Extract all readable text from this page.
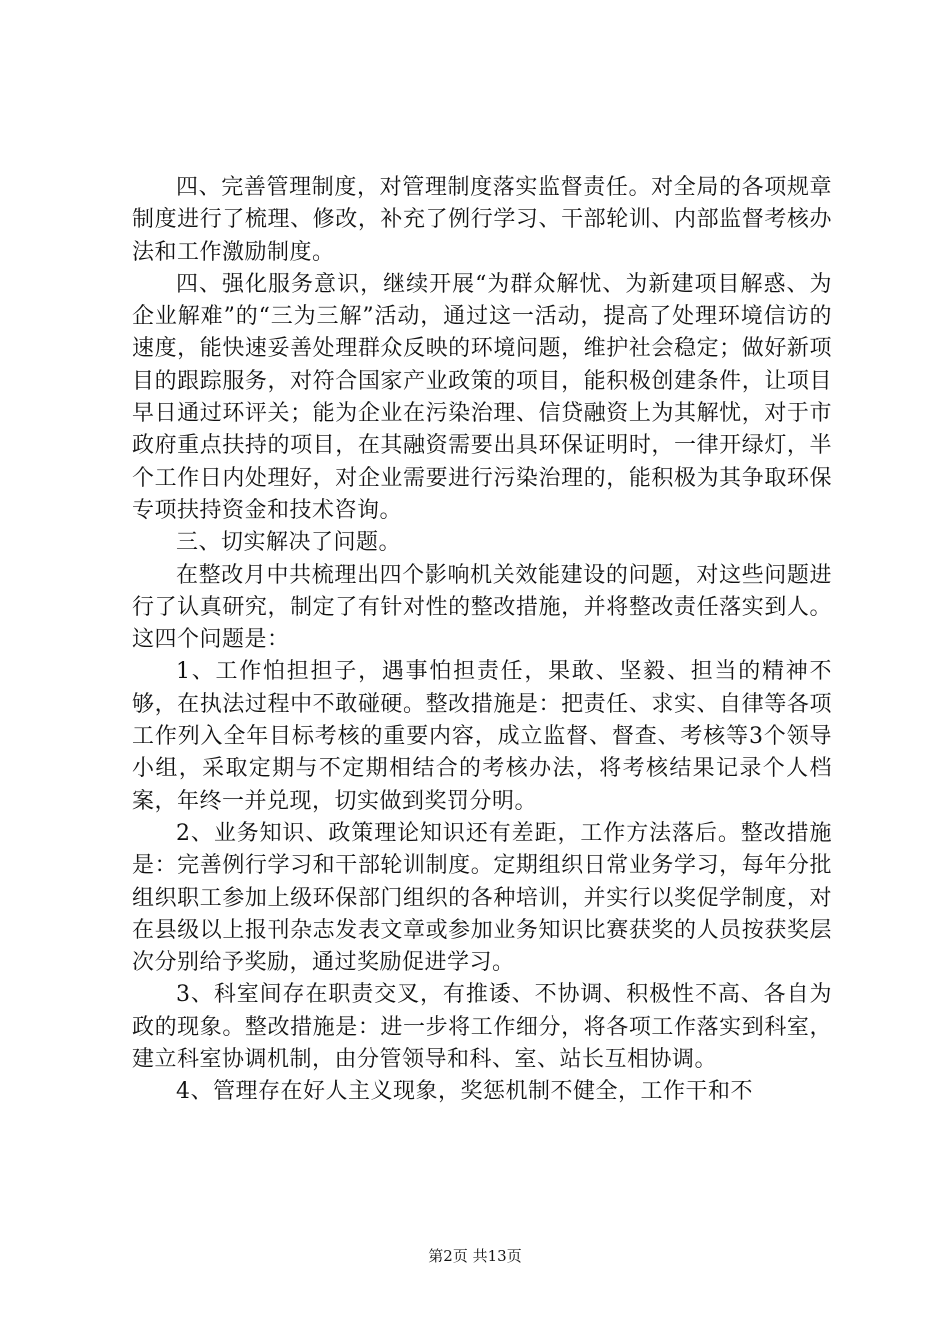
四、完善管理制度，对管理制度落实监督责任。对全局的各项规章制度进行了梳理、修改，补充了例行学习、干部轮训、内部监督考核办法和工作激励制度。

四、强化服务意识，继续开展“为群众解忧、为新建项目解惑、为企业解难”的“三为三解”活动，通过这一活动，提高了处理环境信访的速度，能快速妥善处理群众反映的环境问题，维护社会稳定；做好新项目的跟踪服务，对符合国家产业政策的项目，能积极创建条件，让项目早日通过环评关；能为企业在污染治理、信贷融资上为其解忧，对于市政府重点扶持的项目，在其融资需要出具环保证明时，一律开绿灯，半个工作日内处理好，对企业需要进行污染治理的，能积极为其争取环保专项扶持资金和技术咨询。

三、切实解决了问题。

在整改月中共梳理出四个影响机关效能建设的问题，对这些问题进行了认真研究，制定了有针对性的整改措施，并将整改责任落实到人。这四个问题是：

1、工作怕担担子，遇事怕担责任，果敢、坚毅、担当的精神不够，在执法过程中不敢碰硬。整改措施是：把责任、求实、自律等各项工作列入全年目标考核的重要内容，成立监督、督查、考核等3个领导小组，采取定期与不定期相结合的考核办法，将考核结果记录个人档案，年终一并兑现，切实做到奖罚分明。

2、业务知识、政策理论知识还有差距，工作方法落后。整改措施是：完善例行学习和干部轮训制度。定期组织日常业务学习，每年分批组织职工参加上级环保部门组织的各种培训，并实行以奖促学制度，对在县级以上报刊杂志发表文章或参加业务知识比赛获奖的人员按获奖层次分别给予奖励，通过奖励促进学习。

3、科室间存在职责交叉，有推诿、不协调、积极性不高、各自为政的现象。整改措施是：进一步将工作细分，将各项工作落实到科室，建立科室协调机制，由分管领导和科、室、站长互相协调。

4、管理存在好人主义现象，奖惩机制不健全，工作干和不

第2页 共13页
